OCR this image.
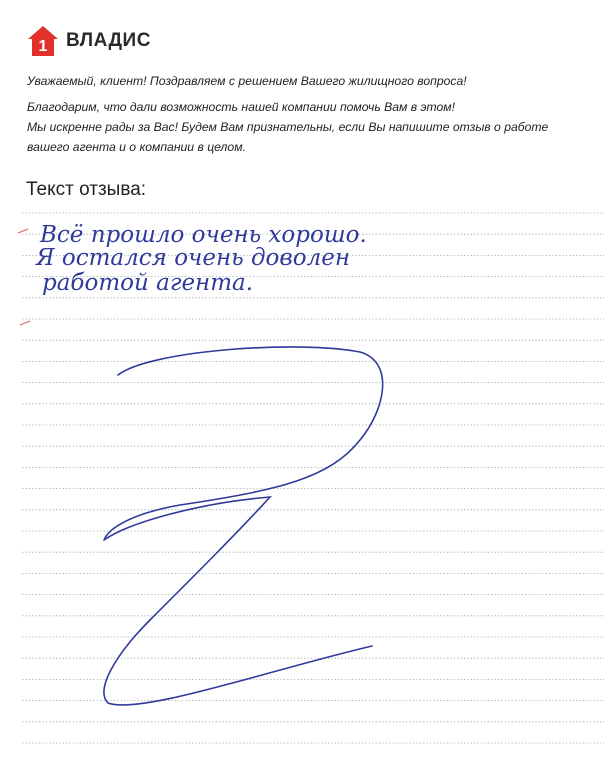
1 ВЛАДИС

Уважаемый, клиент! Поздравляем с решением Вашего жилищного вопроса!

Благодарим, что дали возможность нашей компании помочь Вам в этом!

Мы искренне рады за Вас! Будем Вам признательны, если Вы напишите отзыв о работе

вашего агента и о компании в целом.

Текст отзыва:
Всё прошло очень хорошо.
Я остался очень доволен
работой агента.
